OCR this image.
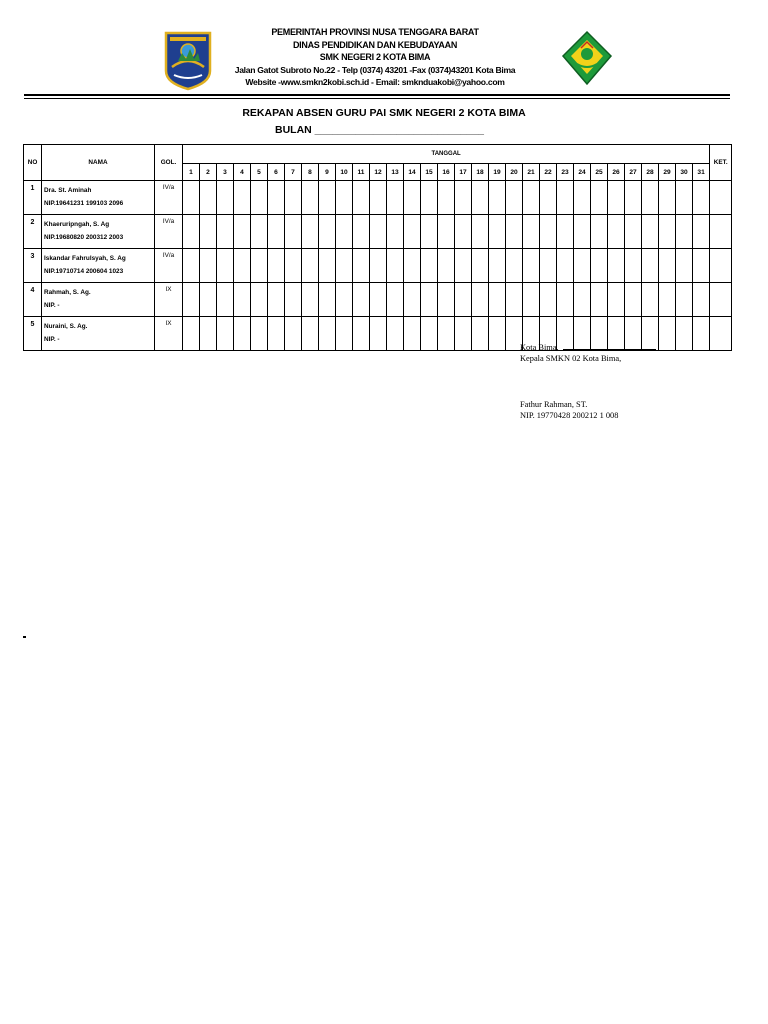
PEMERINTAH PROVINSI NUSA TENGGARA BARAT
DINAS PENDIDIKAN DAN KEBUDAYAAN
SMK NEGERI 2 KOTA BIMA
Jalan Gatot Subroto No.22 - Telp (0374) 43201 -Fax (0374)43201 Kota Bima
Website -www.smkn2kobi.sch.id - Email: smknduakobi@yahoo.com
REKAPAN ABSEN GURU PAI SMK NEGERI 2 KOTA BIMA
BULAN _____________________________
NO	NAMA	GOL.	TANGGAL																															KET.
			1	2	3	4	5	6	7	8	9	10	11	12	13	14	15	16	17	18	19	20	21	22	23	24	25	26	27	28	29	30	31	
1	Dra. St. Aminah
NIP.19641231 199103 2096	IV/a																																
2	Khaeruripngah, S. Ag
NIP.19680820 200312 2003	IV/a																																
3	Iskandar Fahrulsyah, S. Ag
NIP.19710714 200604 1023	IV/a																																
4	Rahmah, S. Ag.
NIP. -	IX																																
5	Nuraini, S. Ag.
NIP. -	IX																																
Kota Bima,
Kepala SMKN 02 Kota Bima,
Fathur Rahman, ST.
NIP. 19770428 200212 1 008
